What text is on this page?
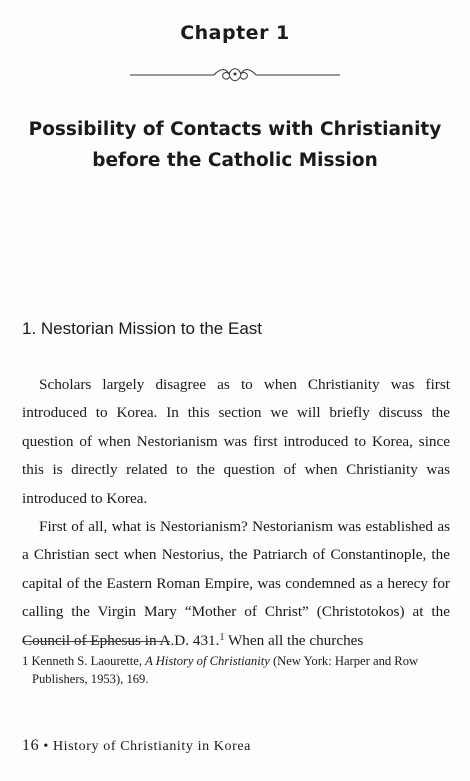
Chapter 1
Possibility of Contacts with Christianity
before the Catholic Mission
1. Nestorian Mission to the East

Scholars largely disagree as to when Christianity was first introduced to Korea. In this section we will briefly discuss the question of when Nestorianism was first introduced to Korea, since this is directly related to the question of when Christianity was introduced to Korea.

First of all, what is Nestorianism? Nestorianism was established as a Christian sect when Nestorius, the Patriarch of Constantinople, the capital of the Eastern Roman Empire, was condemned as a herecy for calling the Virgin Mary “Mother of Christ” (Christotokos) at the Council of Ephesus in A.D. 431.$^1$ When all the churches

1 Kenneth S. Laourette, A History of Christianity (New York: Harper and Row
Publishers, 1953), 169.
16 • History of Christianity in Korea
